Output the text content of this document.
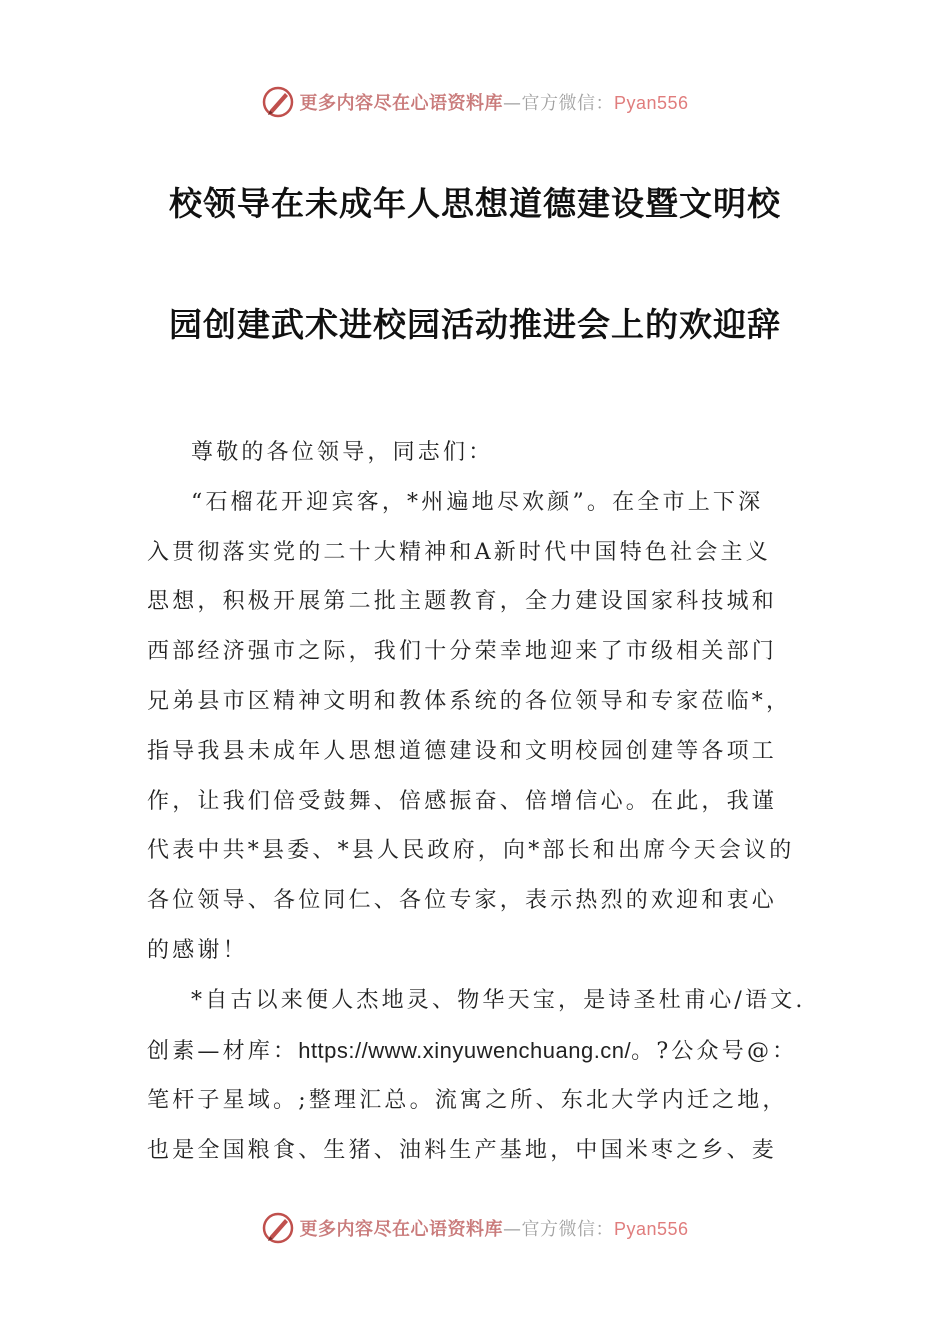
更多内容尽在心语资料库—官方微信：Pyan556
校领导在未成年人思想道德建设暨文明校
园创建武术进校园活动推进会上的欢迎辞
尊敬的各位领导，同志们：
“石榴花开迎宾客，*州遍地尽欢颜”。在全市上下深
入贯彻落实党的二十大精神和A新时代中国特色社会主义
思想，积极开展第二批主题教育，全力建设国家科技城和
西部经济强市之际，我们十分荣幸地迎来了市级相关部门
兄弟县市区精神文明和教体系统的各位领导和专家莅临*，
指导我县未成年人思想道德建设和文明校园创建等各项工
作，让我们倍受鼓舞、倍感振奋、倍增信心。在此，我谨
代表中共*县委、*县人民政府，向*部长和出席今天会议的
各位领导、各位同仁、各位专家，表示热烈的欢迎和衷心
的感谢！
*自古以来便人杰地灵、物华天宝，是诗圣杜甫心/语文.
创素—材库：https://www.xinyuwenchuang.cn/。?公众号@：
笔杆子星域。;整理汇总。流寓之所、东北大学内迁之地，
也是全国粮食、生猪、油料生产基地，中国米枣之乡、麦
更多内容尽在心语资料库—官方微信：Pyan556
